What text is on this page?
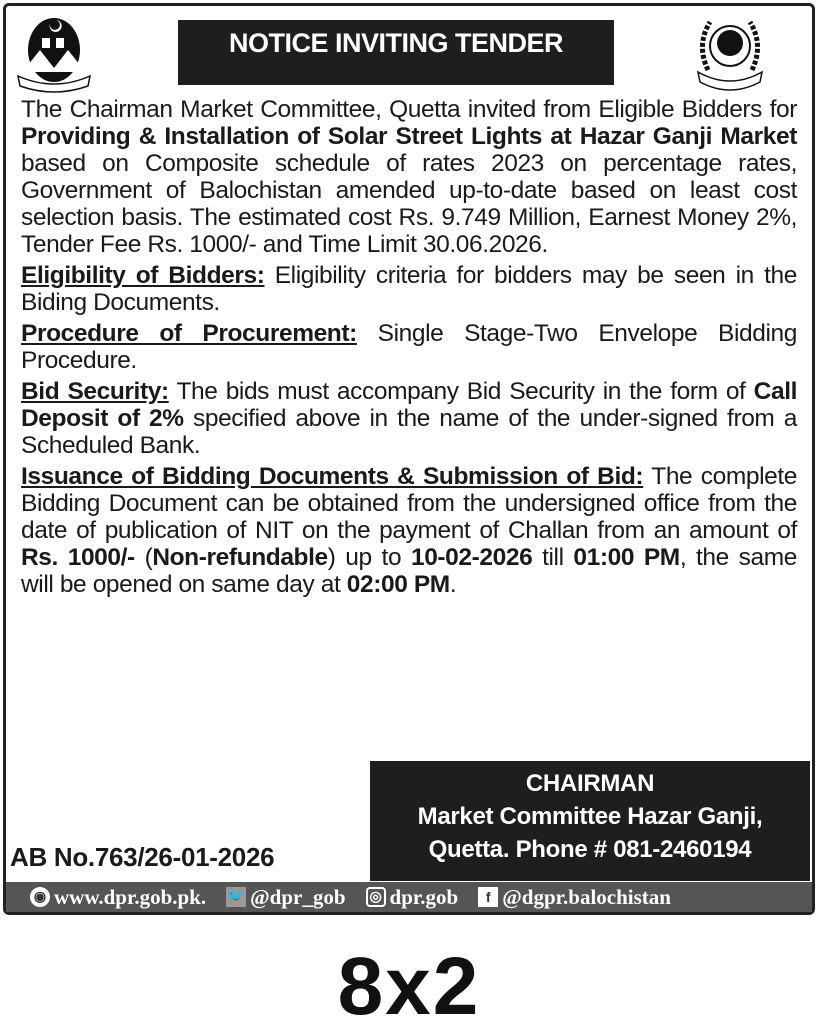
NOTICE INVITING TENDER

The Chairman Market Committee, Quetta invited from Eligible Bidders for Providing & Installation of Solar Street Lights at Hazar Ganji Market based on Composite schedule of rates 2023 on percentage rates, Government of Balochistan amended up-to-date based on least cost selection basis. The estimated cost Rs. 9.749 Million, Earnest Money 2%, Tender Fee Rs. 1000/- and Time Limit 30.06.2026.

Eligibility of Bidders: Eligibility criteria for bidders may be seen in the Biding Documents.

Procedure of Procurement: Single Stage-Two Envelope Bidding Procedure.

Bid Security: The bids must accompany Bid Security in the form of Call Deposit of 2% specified above in the name of the under-signed from a Scheduled Bank.

Issuance of Bidding Documents & Submission of Bid: The complete Bidding Document can be obtained from the undersigned office from the date of publication of NIT on the payment of Challan from an amount of Rs. 1000/- (Non-refundable) up to 10-02-2026 till 01:00 PM, the same will be opened on same day at 02:00 PM.

AB No.763/26-01-2026
CHAIRMAN
Market Committee Hazar Ganji,
Quetta. Phone # 081-2460194
◉ www.dpr.gob.pk. 🐦 @dpr_gob ◎ dpr.gob	f @dgpr.balochistan
8x2
